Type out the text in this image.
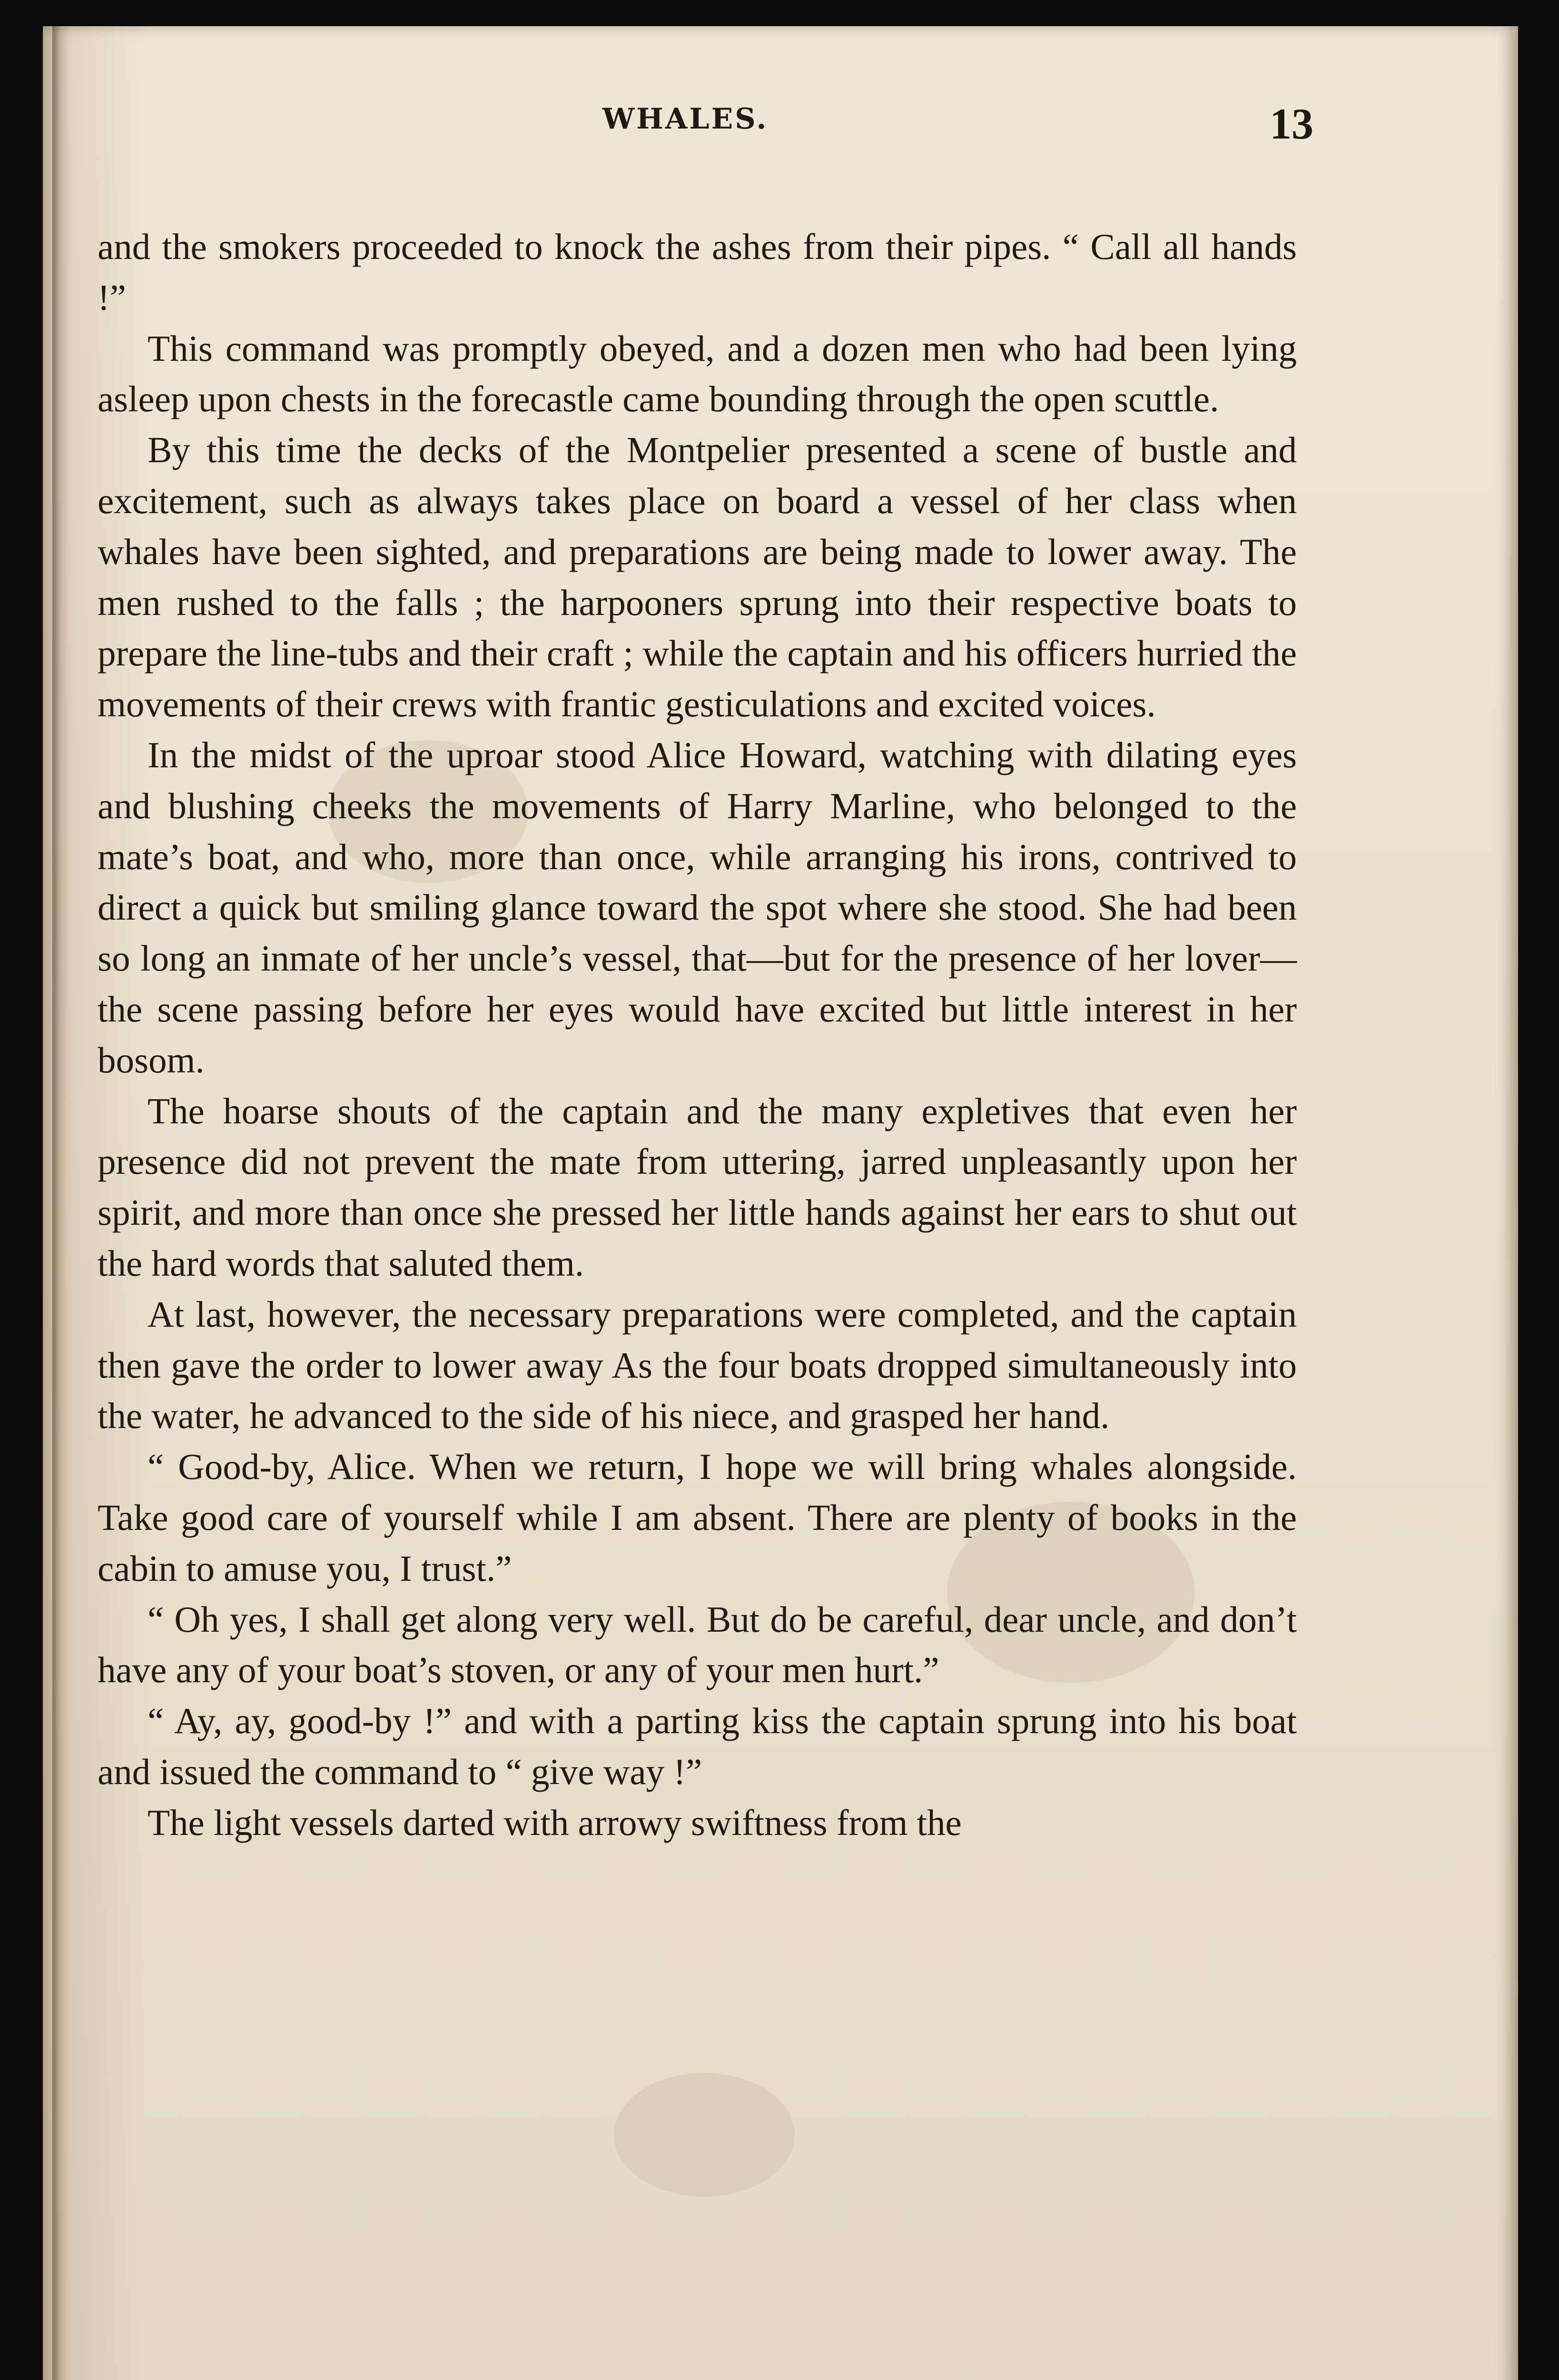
WHALES.	13

and the smokers proceeded to knock the ashes from their pipes. “ Call all hands !”

This command was promptly obeyed, and a dozen men who had been lying asleep upon chests in the forecastle came bounding through the open scuttle.

By this time the decks of the Montpelier presented a scene of bustle and excitement, such as always takes place on board a vessel of her class when whales have been sighted, and preparations are being made to lower away. The men rushed to the falls ; the harpooners sprung into their respective boats to prepare the line-tubs and their craft ; while the captain and his officers hurried the movements of their crews with frantic gesticulations and excited voices.

In the midst of the uproar stood Alice Howard, watching with dilating eyes and blushing cheeks the movements of Harry Marline, who belonged to the mate’s boat, and who, more than once, while arranging his irons, contrived to direct a quick but smiling glance toward the spot where she stood. She had been so long an inmate of her uncle’s vessel, that—but for the presence of her lover—the scene passing before her eyes would have excited but little interest in her bosom.

The hoarse shouts of the captain and the many expletives that even her presence did not prevent the mate from uttering, jarred unpleasantly upon her spirit, and more than once she pressed her little hands against her ears to shut out the hard words that saluted them.

At last, however, the necessary preparations were completed, and the captain then gave the order to lower away As the four boats dropped simultaneously into the water, he advanced to the side of his niece, and grasped her hand.

“ Good-by, Alice. When we return, I hope we will bring whales alongside. Take good care of yourself while I am absent. There are plenty of books in the cabin to amuse you, I trust.”

“ Oh yes, I shall get along very well. But do be careful, dear uncle, and don’t have any of your boat’s stoven, or any of your men hurt.”

“ Ay, ay, good-by !” and with a parting kiss the captain sprung into his boat and issued the command to “ give way !”

The light vessels darted with arrowy swiftness from the
